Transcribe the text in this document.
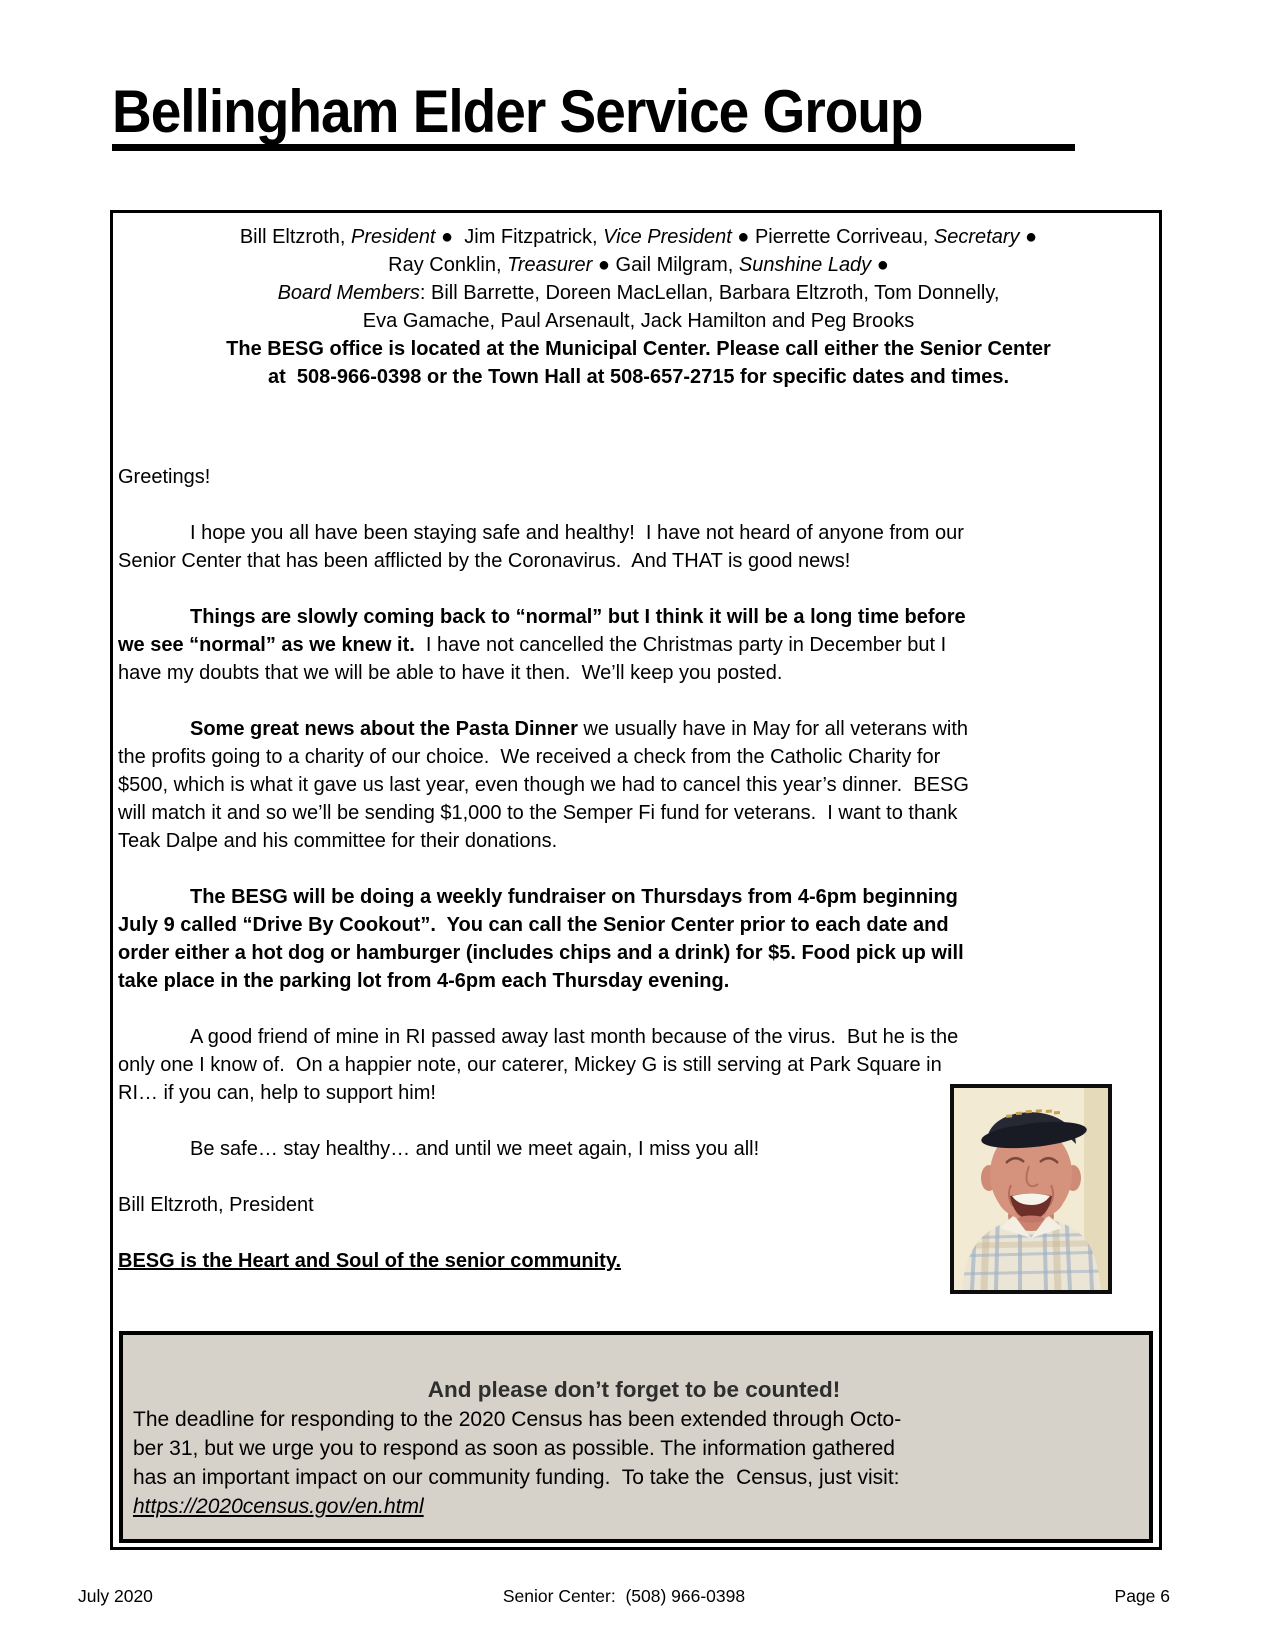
Bellingham Elder Service Group
Bill Eltzroth, President ●  Jim Fitzpatrick, Vice President ● Pierrette Corriveau, Secretary ●
Ray Conklin, Treasurer ● Gail Milgram, Sunshine Lady ●
Board Members: Bill Barrette, Doreen MacLellan, Barbara Eltzroth, Tom Donnelly,
Eva Gamache, Paul Arsenault, Jack Hamilton and Peg Brooks
The BESG office is located at the Municipal Center. Please call either the Senior Center
at  508-966-0398 or the Town Hall at 508-657-2715 for specific dates and times.

Greetings!

I hope you all have been staying safe and healthy!  I have not heard of anyone from our
Senior Center that has been afflicted by the Coronavirus.  And THAT is good news!

Things are slowly coming back to “normal” but I think it will be a long time before
we see “normal” as we knew it.  I have not cancelled the Christmas party in December but I
have my doubts that we will be able to have it then.  We’ll keep you posted.

Some great news about the Pasta Dinner we usually have in May for all veterans with
the profits going to a charity of our choice.  We received a check from the Catholic Charity for
$500, which is what it gave us last year, even though we had to cancel this year’s dinner.  BESG
will match it and so we’ll be sending $1,000 to the Semper Fi fund for veterans.  I want to thank
Teak Dalpe and his committee for their donations.

The BESG will be doing a weekly fundraiser on Thursdays from 4-6pm beginning
July 9 called “Drive By Cookout”.  You can call the Senior Center prior to each date and
order either a hot dog or hamburger (includes chips and a drink) for $5. Food pick up will
take place in the parking lot from 4-6pm each Thursday evening.

A good friend of mine in RI passed away last month because of the virus.  But he is the
only one I know of.  On a happier note, our caterer, Mickey G is still serving at Park Square in
RI… if you can, help to support him!

Be safe… stay healthy… and until we meet again, I miss you all!

Bill Eltzroth, President

BESG is the Heart and Soul of the senior community.

And please don’t forget to be counted!
The deadline for responding to the 2020 Census has been extended through Octo-
ber 31, but we urge you to respond as soon as possible. The information gathered
has an important impact on our community funding.  To take the  Census, just visit:
https://2020census.gov/en.html
July 2020	Senior Center:  (508) 966-0398	Page 6
